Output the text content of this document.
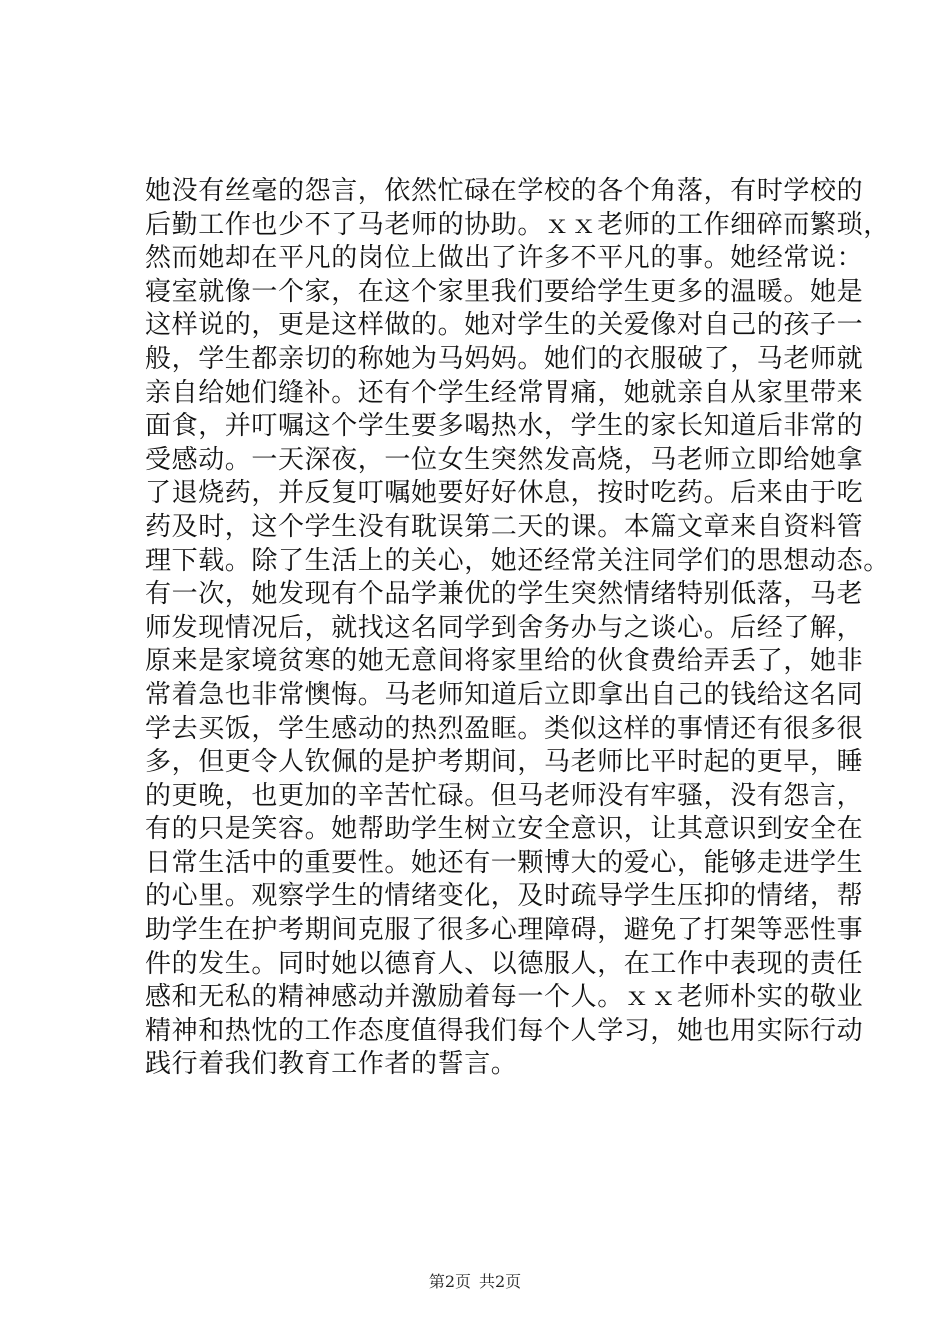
她没有丝毫的怨言，依然忙碌在学校的各个角落，有时学校的
后勤工作也少不了马老师的协助。ｘｘ老师的工作细碎而繁琐，
然而她却在平凡的岗位上做出了许多不平凡的事。她经常说：
寝室就像一个家，在这个家里我们要给学生更多的温暖。她是
这样说的，更是这样做的。她对学生的关爱像对自己的孩子一
般，学生都亲切的称她为马妈妈。她们的衣服破了，马老师就
亲自给她们缝补。还有个学生经常胃痛，她就亲自从家里带来
面食，并叮嘱这个学生要多喝热水，学生的家长知道后非常的
受感动。一天深夜，一位女生突然发高烧，马老师立即给她拿
了退烧药，并反复叮嘱她要好好休息，按时吃药。后来由于吃
药及时，这个学生没有耽误第二天的课。本篇文章来自资料管
理下载。除了生活上的关心，她还经常关注同学们的思想动态。
有一次，她发现有个品学兼优的学生突然情绪特别低落，马老
师发现情况后，就找这名同学到舍务办与之谈心。后经了解，
原来是家境贫寒的她无意间将家里给的伙食费给弄丢了，她非
常着急也非常懊悔。马老师知道后立即拿出自己的钱给这名同
学去买饭，学生感动的热烈盈眶。类似这样的事情还有很多很
多，但更令人钦佩的是护考期间，马老师比平时起的更早，睡
的更晚，也更加的辛苦忙碌。但马老师没有牢骚，没有怨言，
有的只是笑容。她帮助学生树立安全意识，让其意识到安全在
日常生活中的重要性。她还有一颗博大的爱心，能够走进学生
的心里。观察学生的情绪变化，及时疏导学生压抑的情绪，帮
助学生在护考期间克服了很多心理障碍，避免了打架等恶性事
件的发生。同时她以德育人、以德服人，在工作中表现的责任
感和无私的精神感动并激励着每一个人。ｘｘ老师朴实的敬业
精神和热忱的工作态度值得我们每个人学习，她也用实际行动
践行着我们教育工作者的誓言。
第2页 共2页
